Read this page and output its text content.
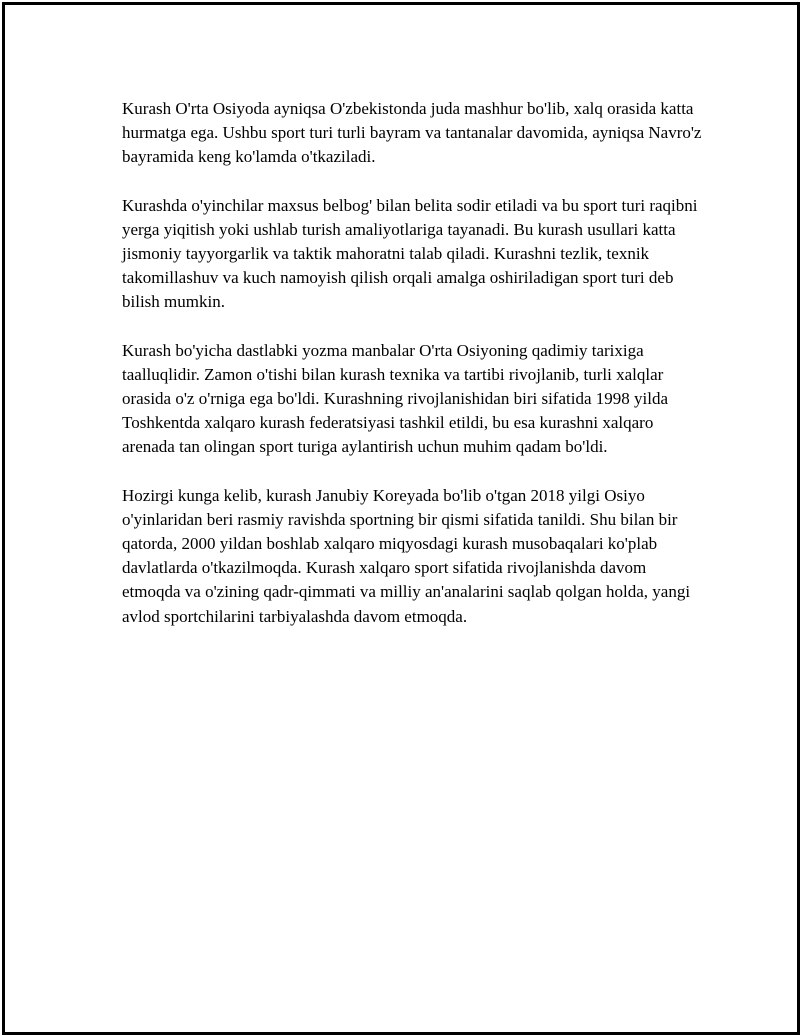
Kurash O'rta Osiyoda ayniqsa O'zbekistonda juda mashhur bo'lib, xalq orasida katta hurmatga ega. Ushbu sport turi turli bayram va tantanalar davomida, ayniqsa Navro'z bayramida keng ko'lamda o'tkaziladi.

Kurashda o'yinchilar maxsus belbog' bilan belita sodir etiladi va bu sport turi raqibni yerga yiqitish yoki ushlab turish amaliyotlariga tayanadi. Bu kurash usullari katta jismoniy tayyorgarlik va taktik mahoratni talab qiladi. Kurashni tezlik, texnik takomillashuv va kuch namoyish qilish orqali amalga oshiriladigan sport turi deb bilish mumkin.

Kurash bo'yicha dastlabki yozma manbalar O'rta Osiyoning qadimiy tarixiga taalluqlidir. Zamon o'tishi bilan kurash texnika va tartibi rivojlanib, turli xalqlar orasida o'z o'rniga ega bo'ldi. Kurashning rivojlanishidan biri sifatida 1998 yilda Toshkentda xalqaro kurash federatsiyasi tashkil etildi, bu esa kurashni xalqaro arenada tan olingan sport turiga aylantirish uchun muhim qadam bo'ldi.

Hozirgi kunga kelib, kurash Janubiy Koreyada bo'lib o'tgan 2018 yilgi Osiyo o'yinlaridan beri rasmiy ravishda sportning bir qismi sifatida tanildi. Shu bilan bir qatorda, 2000 yildan boshlab xalqaro miqyosdagi kurash musobaqalari ko'plab davlatlarda o'tkazilmoqda. Kurash xalqaro sport sifatida rivojlanishda davom etmoqda va o'zining qadr-qimmati va milliy an'analarini saqlab qolgan holda, yangi avlod sportchilarini tarbiyalashda davom etmoqda.
